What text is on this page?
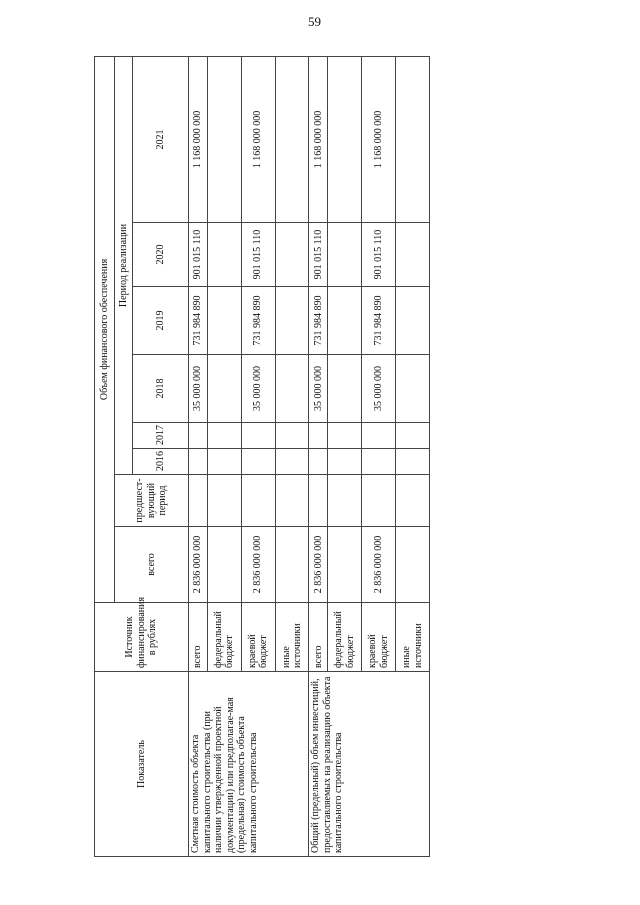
59
Показатель	Источник финансирования в рублях	Объем финансового обеспечения							
		всего	предшест-вующий период	Период реализации					
				2016	2017	2018	2019	2020	2021
Сметная стоимость объекта капитального строительства (при наличии утвержденной проектной документации) или предполагае-мая (предельная) стоимость объекта капитального строительства	всего	2 836 000 000				35 000 000	731 984 890	901 015 110	1 168 000 000
	федеральный бюджет								
	краевой бюджет	2 836 000 000				35 000 000	731 984 890	901 015 110	1 168 000 000
	иные источники								
Общий (предельный) объем инвестиций, предоставляемых на реализацию объекта капитального строительства	всего	2 836 000 000				35 000 000	731 984 890	901 015 110	1 168 000 000
	федеральный бюджет								
	краевой бюджет	2 836 000 000				35 000 000	731 984 890	901 015 110	1 168 000 000
	иные источники								
